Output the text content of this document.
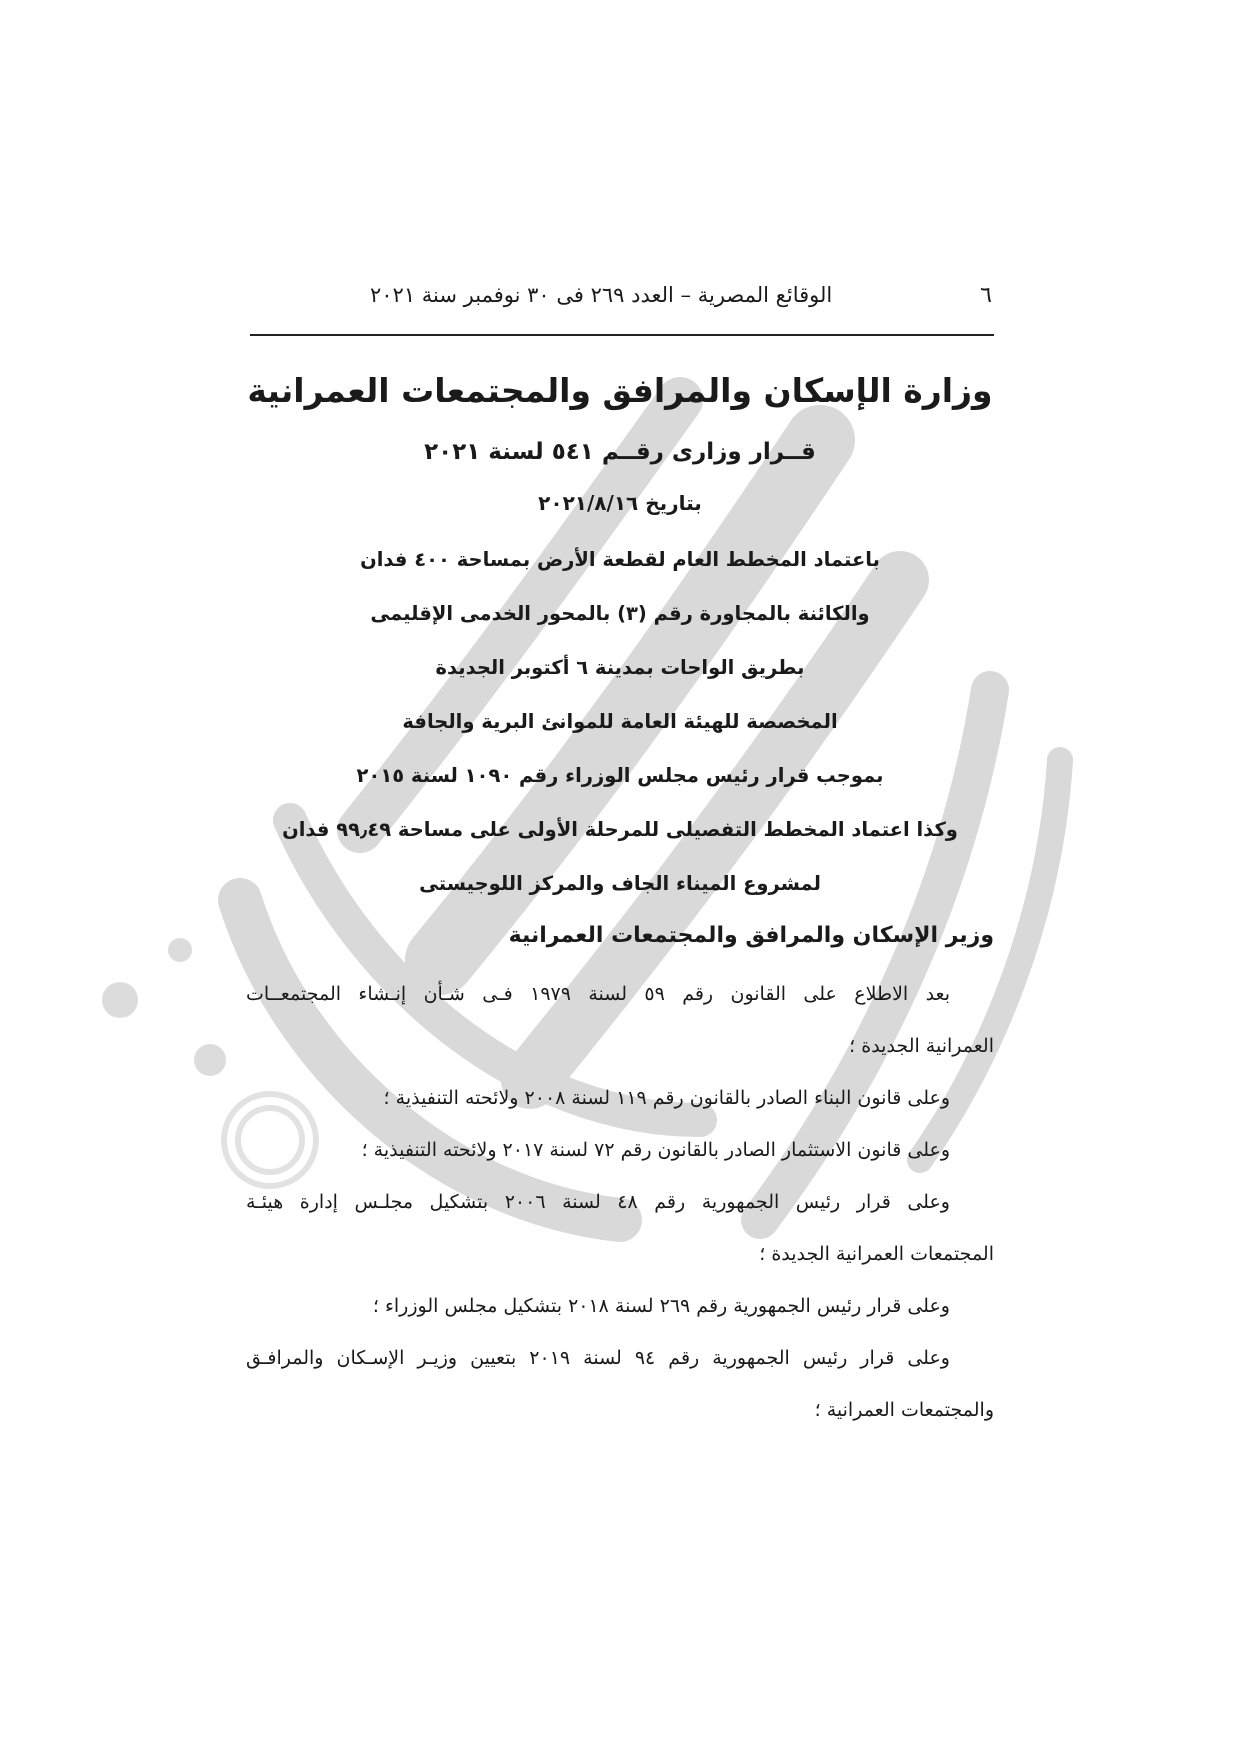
٦
الوقائع المصرية – العدد ٢٦٩ فى ٣٠ نوفمبر سنة ٢٠٢١
وزارة الإسكان والمرافق والمجتمعات العمرانية
قــرار وزارى رقــم ٥٤١ لسنة ٢٠٢١
بتاريخ ٢٠٢١/٨/١٦
باعتماد المخطط العام لقطعة الأرض بمساحة ٤٠٠ فدان
والكائنة بالمجاورة رقم (٣) بالمحور الخدمى الإقليمى
بطريق الواحات بمدينة ٦ أكتوبر الجديدة
المخصصة للهيئة العامة للموانئ البرية والجافة
بموجب قرار رئيس مجلس الوزراء رقم ١٠٩٠ لسنة ٢٠١٥
وكذا اعتماد المخطط التفصيلى للمرحلة الأولى على مساحة ٩٩٫٤٩ فدان
لمشروع الميناء الجاف والمركز اللوجيستى
وزير الإسكان والمرافق والمجتمعات العمرانية
بعد الاطلاع على القانون رقم ٥٩ لسنة ١٩٧٩ فـى شـأن إنـشاء المجتمعــات
العمرانية الجديدة ؛
وعلى قانون البناء الصادر بالقانون رقم ١١٩ لسنة ٢٠٠٨ ولائحته التنفيذية ؛
وعلى قانون الاستثمار الصادر بالقانون رقم ٧٢ لسنة ٢٠١٧ ولائحته التنفيذية ؛
وعلى قرار رئيس الجمهورية رقم ٤٨ لسنة ٢٠٠٦ بتشكيل مجلـس إدارة هيئـة
المجتمعات العمرانية الجديدة ؛
وعلى قرار رئيس الجمهورية رقم ٢٦٩ لسنة ٢٠١٨ بتشكيل مجلس الوزراء ؛
وعلى قرار رئيس الجمهورية رقم ٩٤ لسنة ٢٠١٩ بتعيين وزيـر الإسـكان والمرافـق
والمجتمعات العمرانية ؛
